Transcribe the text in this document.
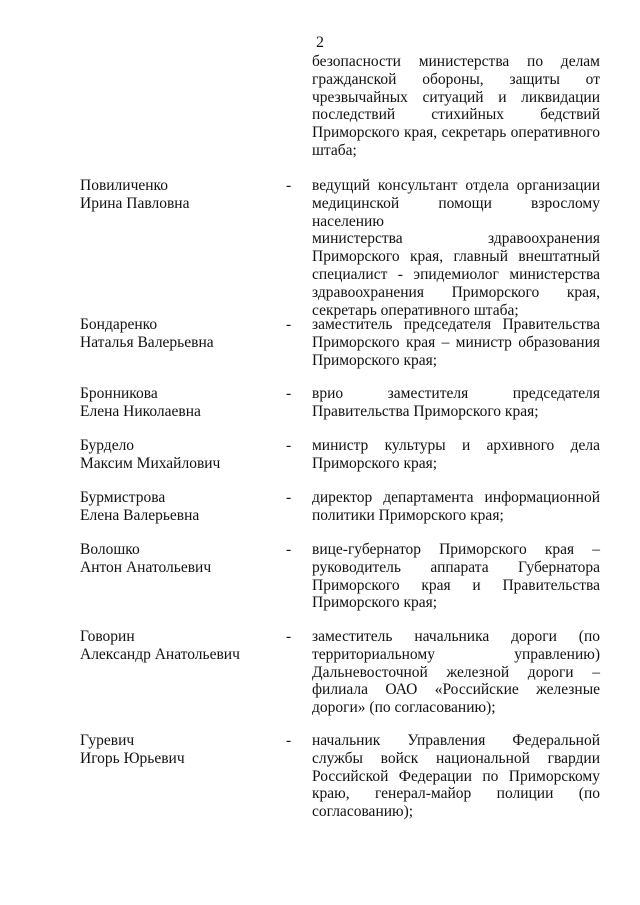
2
безопасности министерства по делам
гражданской обороны, защиты от
чрезвычайных ситуаций и ликвидации
последствий стихийных бедствий
Приморского края, секретарь оперативного
штаба;
Повиличенко
Ирина Павловна
- ведущий консультант отдела организации
медицинской помощи взрослому населению
министерства здравоохранения
Приморского края, главный внештатный
специалист - эпидемиолог министерства
здравоохранения Приморского края,
секретарь оперативного штаба;
Бондаренко
Наталья Валерьевна
- заместитель председателя Правительства
Приморского края – министр образования
Приморского края;
Бронникова
Елена Николаевна
- врио заместителя председателя
Правительства Приморского края;
Бурдело
Максим Михайлович
- министр культуры и архивного дела
Приморского края;
Бурмистрова
Елена Валерьевна
- директор департамента информационной
политики Приморского края;
Волошко
Антон Анатольевич
- вице-губернатор Приморского края –
руководитель аппарата Губернатора
Приморского края и Правительства
Приморского края;
Говорин
Александр Анатольевич
- заместитель начальника дороги (по
территориальному управлению)
Дальневосточной железной дороги –
филиала ОАО «Российские железные
дороги» (по согласованию);
Гуревич
Игорь Юрьевич
- начальник Управления Федеральной
службы войск национальной гвардии
Российской Федерации по Приморскому
краю, генерал-майор полиции (по
согласованию);
